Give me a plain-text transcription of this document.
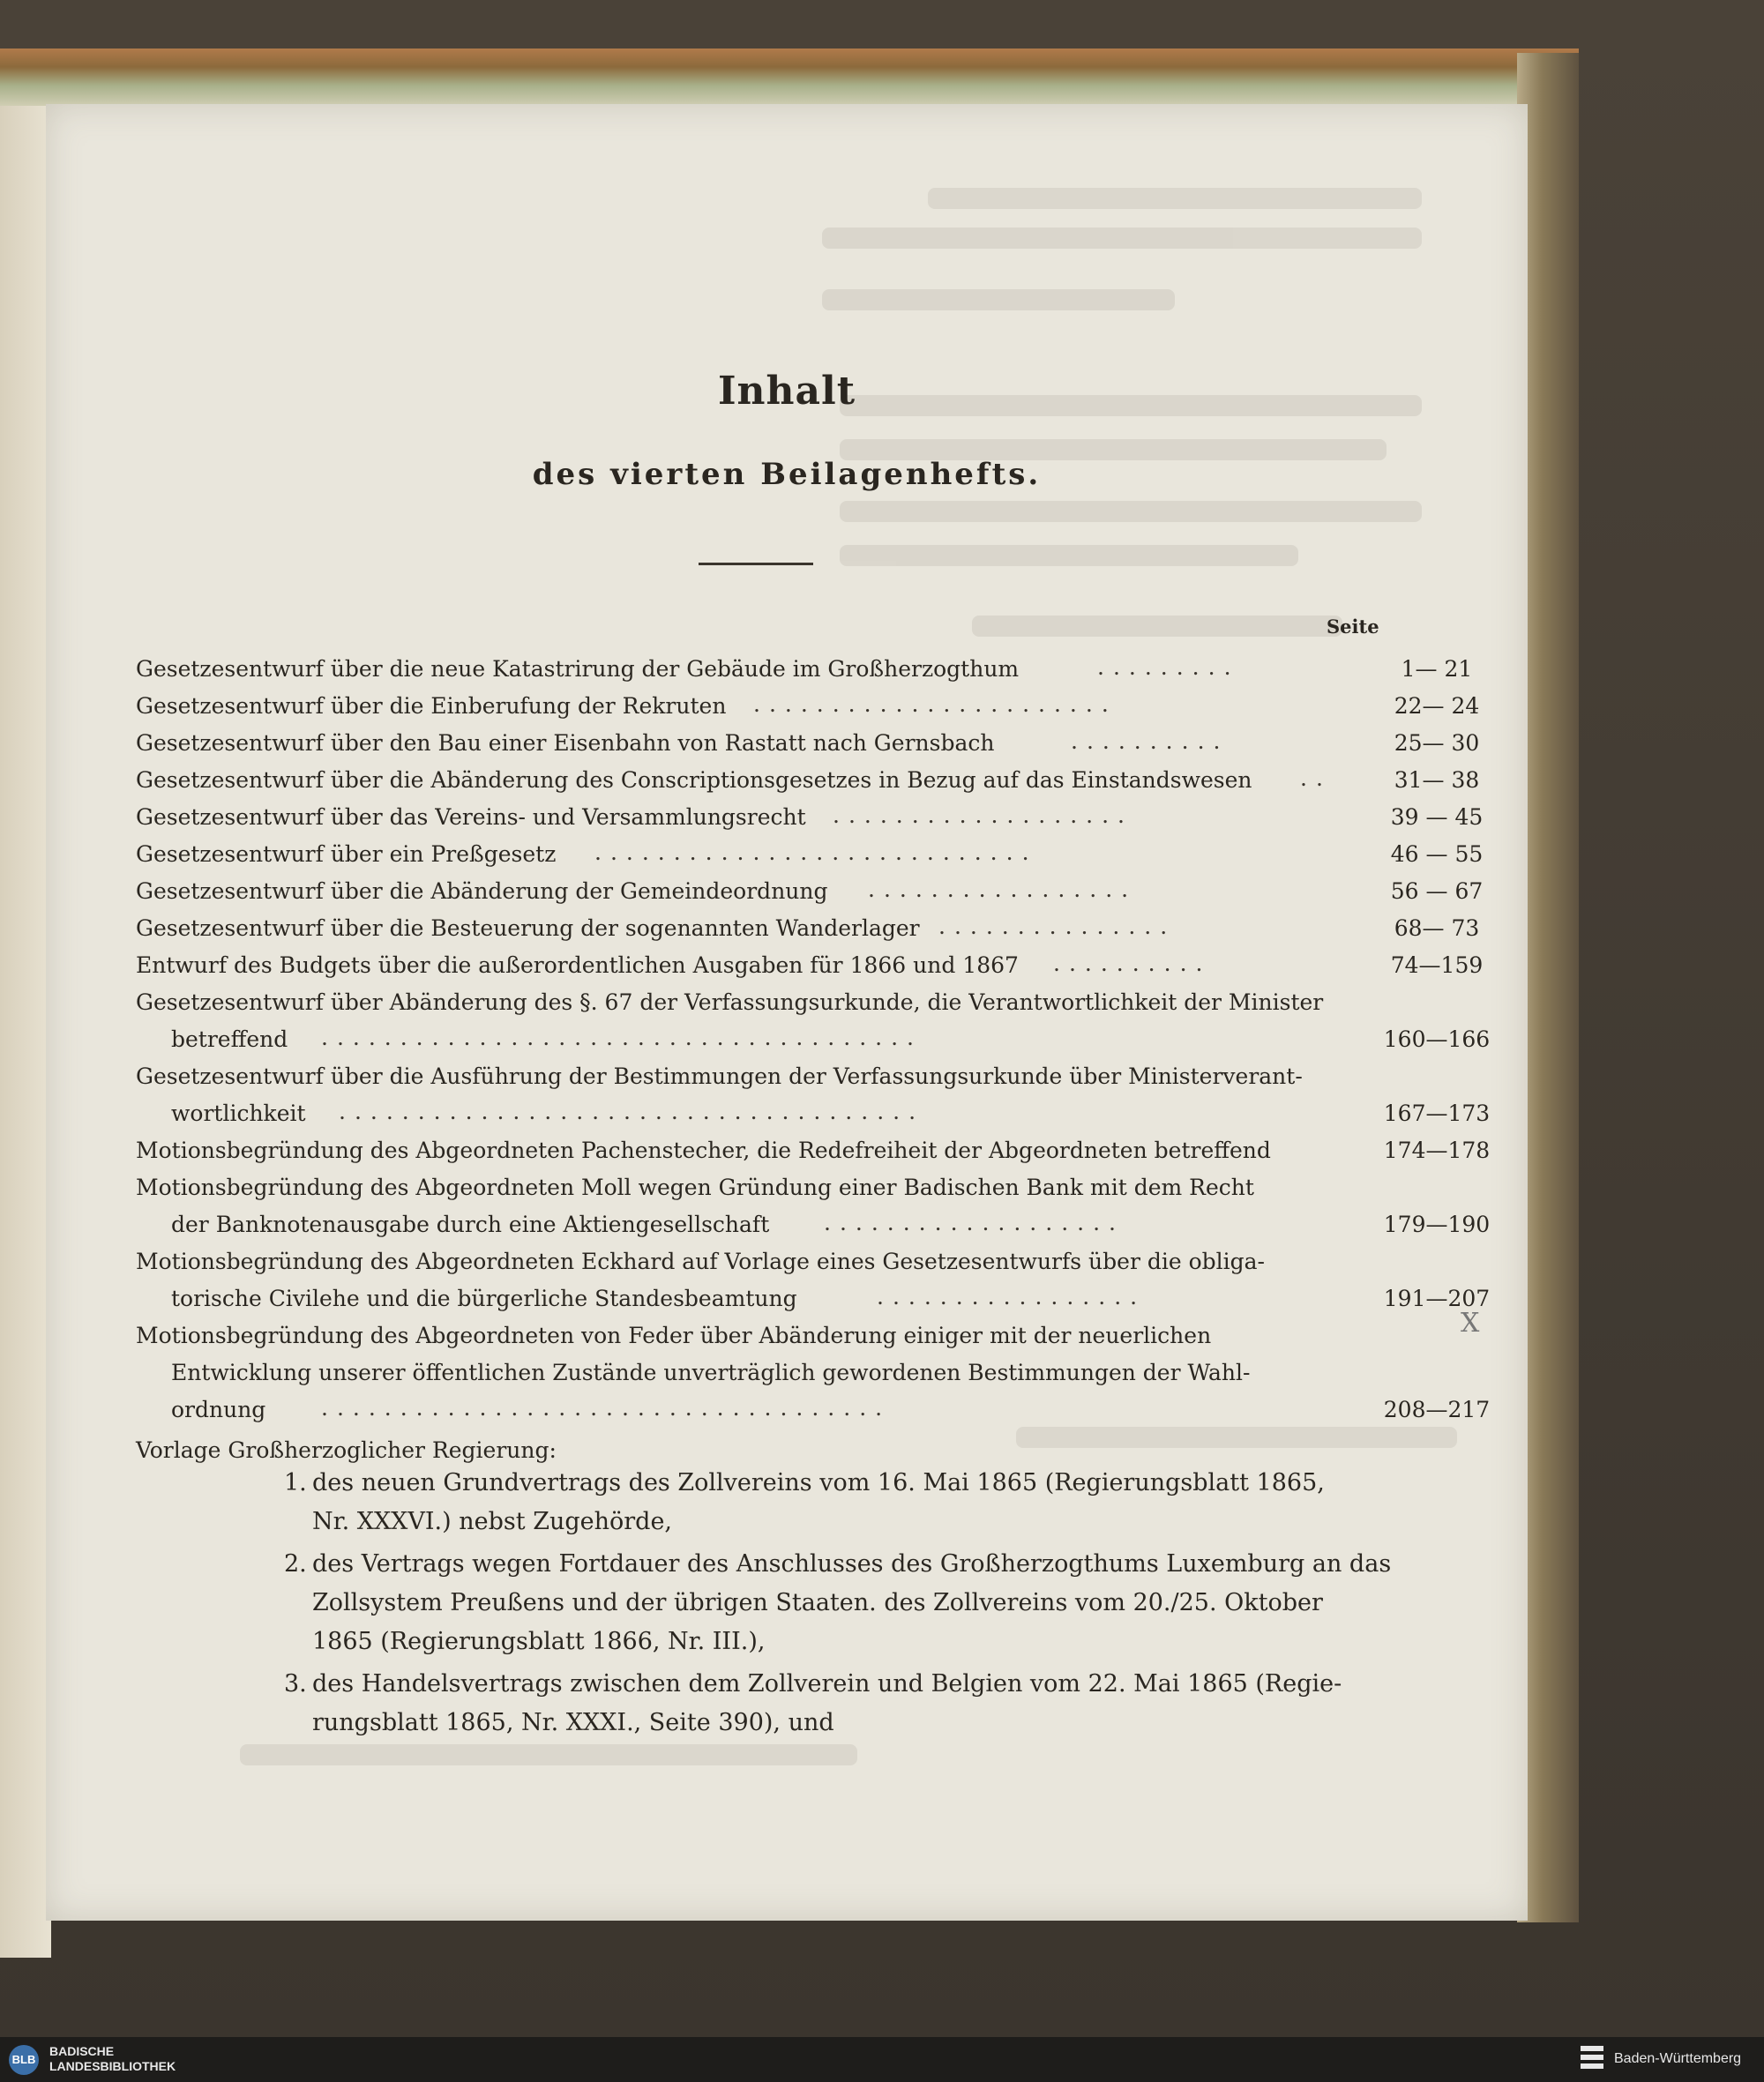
Inhalt
des vierten Beilagenhefts.
Seite
Gesetzesentwurf über die neue Katastrirung der Gebäude im Großherzogthum	.........	1— 21
Gesetzesentwurf über die Einberufung der Rekruten .......................	22— 24
Gesetzesentwurf über den Bau einer Eisenbahn von Rastatt nach Gernsbach	..........	25— 30
Gesetzesentwurf über die Abänderung des Conscriptionsgesetzes in Bezug auf das Einstandswesen ..	31— 38
Gesetzesentwurf über das Vereins- und Versammlungsrecht ...................	39 — 45
Gesetzesentwurf über ein Preßgesetz ............................	46 — 55
Gesetzesentwurf über die Abänderung der Gemeindeordnung .................	56 — 67
Gesetzesentwurf über die Besteuerung der sogenannten Wanderlager ...............	68— 73
Entwurf des Budgets über die außerordentlichen Ausgaben für 1866 und 1867 ..........	74—159
Gesetzesentwurf über Abänderung des §. 67 der Verfassungsurkunde, die Verantwortlichkeit der Minister
betreffend ......................................	160—166
Gesetzesentwurf über die Ausführung der Bestimmungen der Verfassungsurkunde über Ministerverant-
wortlichkeit .....................................	167—173
Motionsbegründung des Abgeordneten Pachenstecher, die Redefreiheit der Abgeordneten betreffend	174—178
Motionsbegründung des Abgeordneten Moll wegen Gründung einer Badischen Bank mit dem Recht
der Banknotenausgabe durch eine Aktiengesellschaft ...................	179—190
Motionsbegründung des Abgeordneten Eckhard auf Vorlage eines Gesetzesentwurfs über die obliga-
torische Civilehe und die bürgerliche Standesbeamtung	.................	191—207
Motionsbegründung des Abgeordneten von Feder über Abänderung einiger mit der neuerlichen
Entwicklung unserer öffentlichen Zustände unverträglich gewordenen Bestimmungen der Wahl-
ordnung	....................................	208—217
Vorlage Großherzoglicher Regierung:
1. des neuen Grundvertrags des Zollvereins vom 16. Mai 1865 (Regierungsblatt 1865,
Nr. XXXVI.) nebst Zugehörde,
2. des Vertrags wegen Fortdauer des Anschlusses des Großherzogthums Luxemburg an das
Zollsystem Preußens und der übrigen Staaten. des Zollvereins vom 20./25. Oktober
1865 (Regierungsblatt 1866, Nr. III.),
3. des Handelsvertrags zwischen dem Zollverein und Belgien vom 22. Mai 1865 (Regie-
rungsblatt 1865, Nr. XXXI., Seite 390), und
X
BLB
BADISCHE
LANDESBIBLIOTHEK	Baden-Württemberg
